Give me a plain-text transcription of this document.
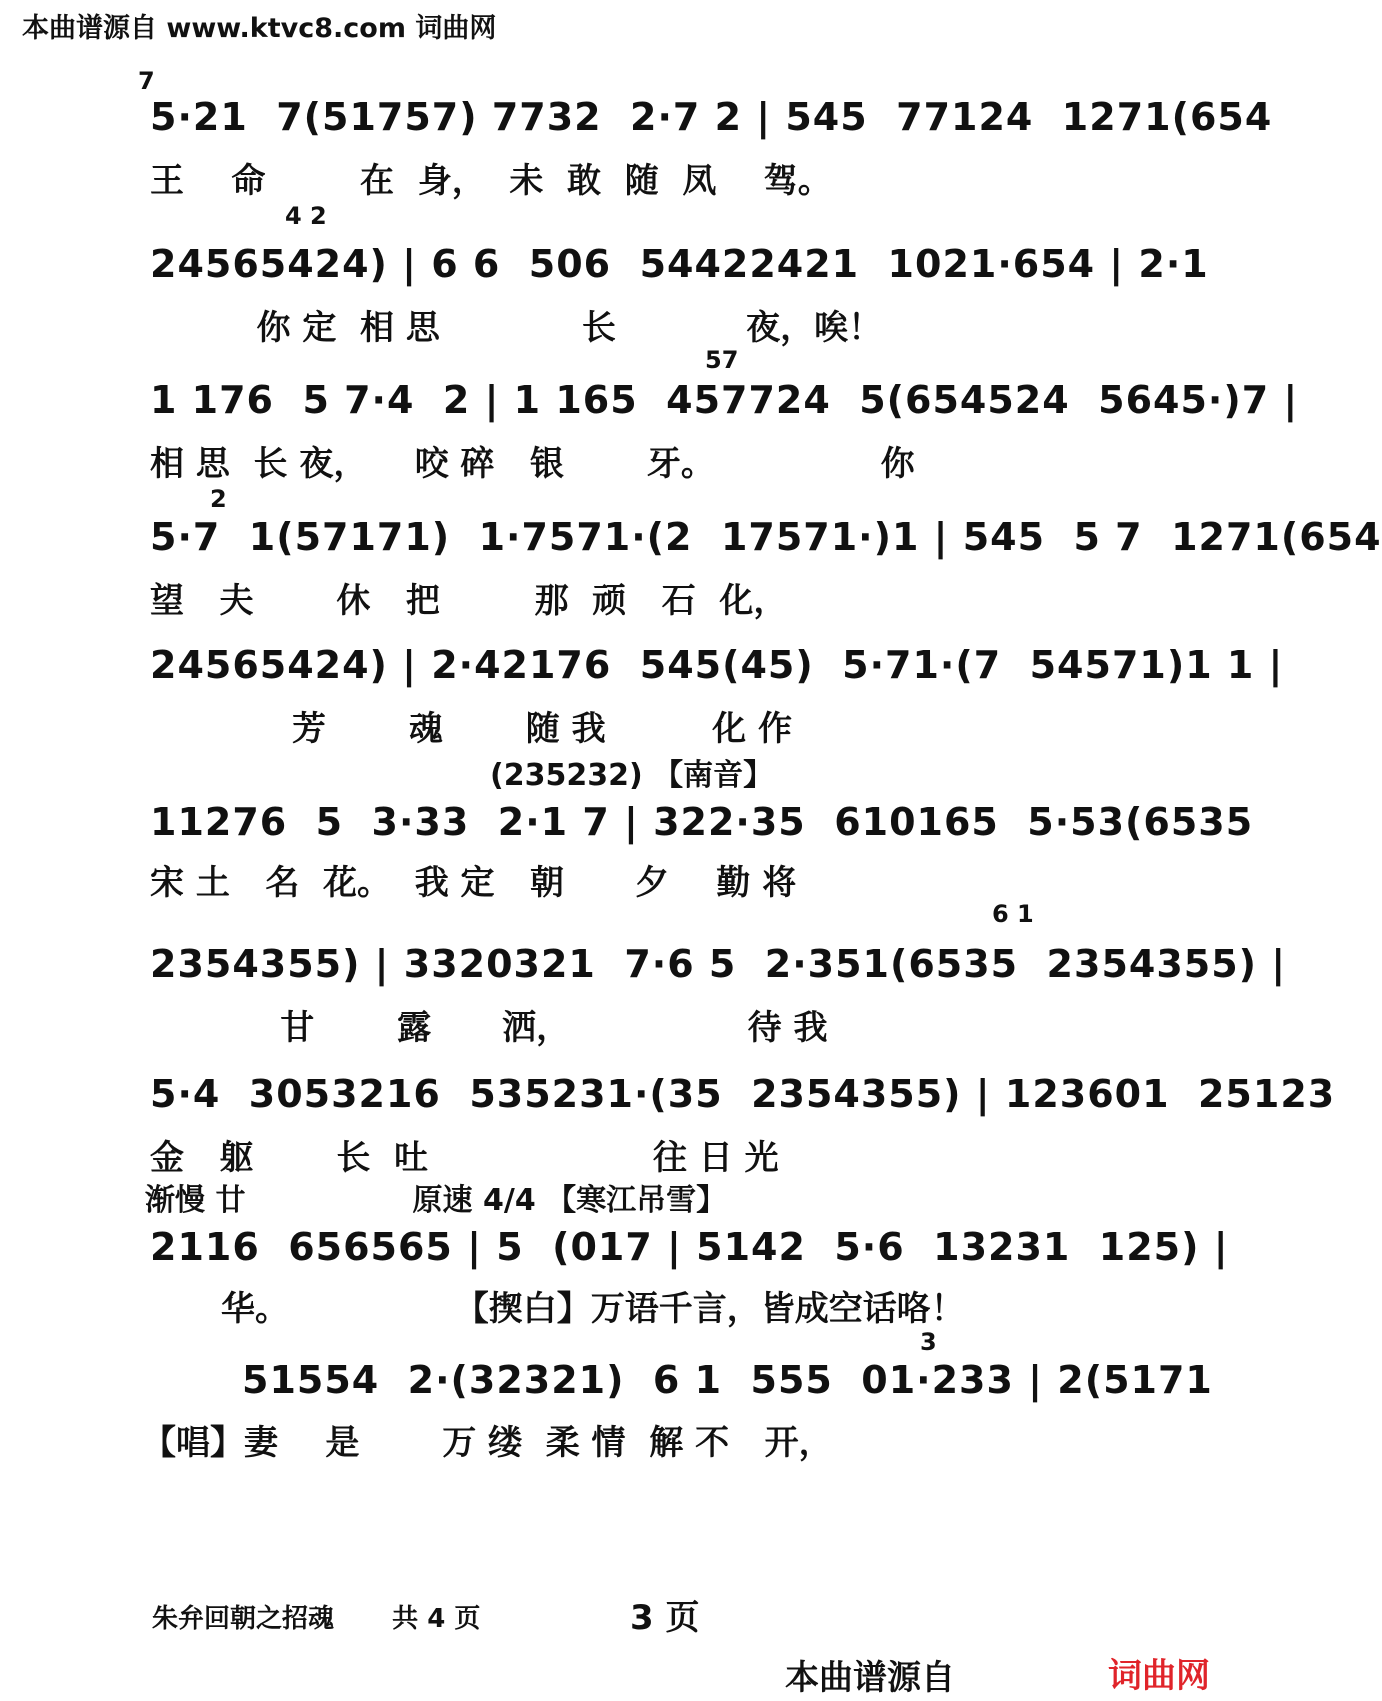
本曲谱源自 www.ktvc8.com 词曲网
7
5·21  7(51757) 7732  2·7 2 | 545  77124  1271(654
王    命        在  身，  未  敢  随  凤    驾。
4 2
24565424) | 6 6  506  54422421  1021·654 | 2·1
你 定  相 思            长           夜，唉！
57
1 176  5 7·4  2 | 1 165  457724  5(654524  5645·)7 |
相 思  长 夜，    咬 碎   银       牙。              你
2
5·7  1(57171)  1·7571·(2  17571·)1 | 545  5 7  1271(654
望   夫       休   把        那  顽   石  化，
24565424) | 2·42176  545(45)  5·71·(7  54571)1 1 |
芳       魂       随 我         化 作
(235232) 【南音】
11276  5  3·33  2·1 7 | 322·35  610165  5·53(6535
宋 土   名  花。  我 定   朝      夕    勤 将
6 1
2354355) | 3320321  7·6 5  2·351(6535  2354355) |
甘       露      洒，               待 我
5·4  3053216  535231·(35  2354355) | 123601  25123
金   躯       长  吐                   往 日 光
渐慢 廿                原速 4/4 【寒江吊雪】
2116  656565 | 5  (017 | 5142  5·6  13231  125) |
华。              【揳白】万语千言，皆成空话咯！
3
51554  2·(32321)  6 1  555  01·233 | 2(5171
【唱】妻    是       万 缕  柔 情  解 不   开，
朱弁回朝之招魂 共 4 页	3 页
本曲谱源自	词曲网
